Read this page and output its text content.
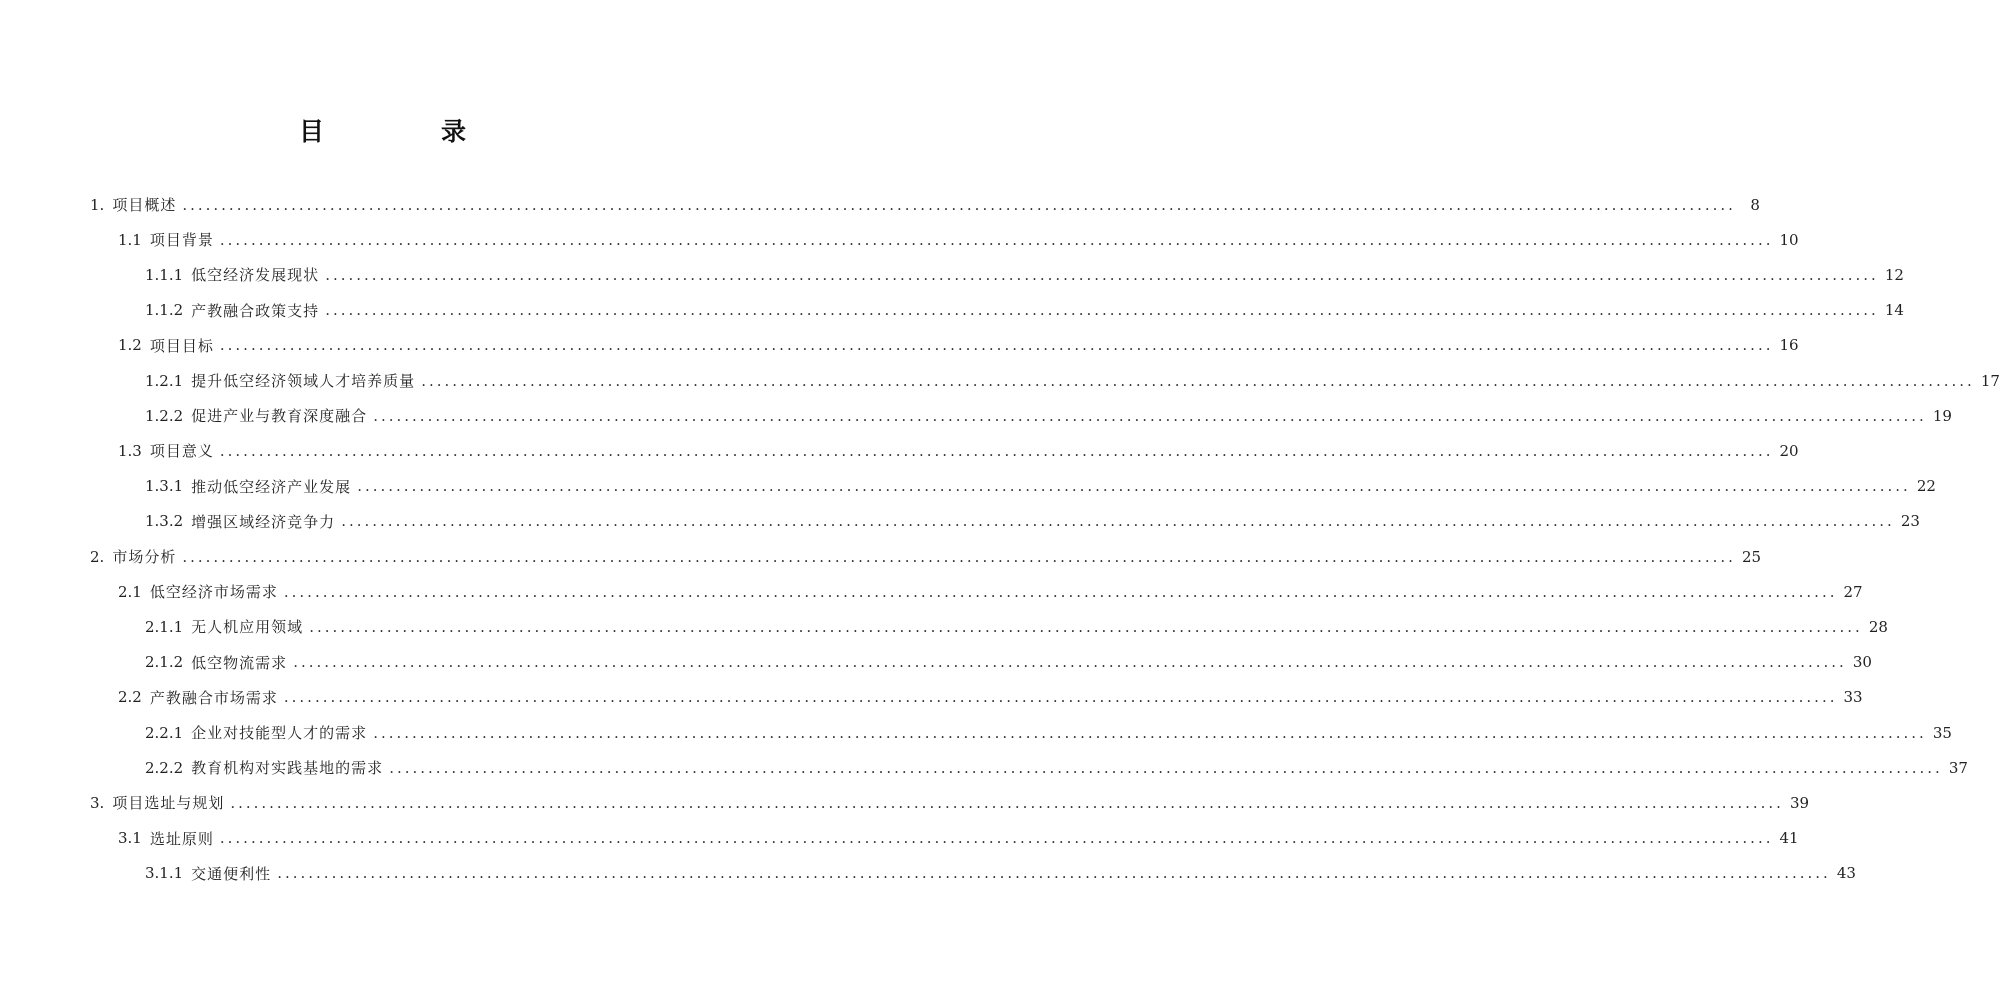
目　录
1. 项目概述 ........................................................................................................................................................................................................ 8
1.1 项目背景 ........................................................................................................................................................................................................ 10
1.1.1 低空经济发展现状 ........................................................................................................................................................................................................ 12
1.1.2 产教融合政策支持 ........................................................................................................................................................................................................ 14
1.2 项目目标 ........................................................................................................................................................................................................ 16
1.2.1 提升低空经济领域人才培养质量 ........................................................................................................................................................................................................ 17
1.2.2 促进产业与教育深度融合 ........................................................................................................................................................................................................ 19
1.3 项目意义 ........................................................................................................................................................................................................ 20
1.3.1 推动低空经济产业发展 ........................................................................................................................................................................................................ 22
1.3.2 增强区域经济竞争力 ........................................................................................................................................................................................................ 23
2. 市场分析 ........................................................................................................................................................................................................ 25
2.1 低空经济市场需求 ........................................................................................................................................................................................................ 27
2.1.1 无人机应用领域 ........................................................................................................................................................................................................ 28
2.1.2 低空物流需求 ........................................................................................................................................................................................................ 30
2.2 产教融合市场需求 ........................................................................................................................................................................................................ 33
2.2.1 企业对技能型人才的需求 ........................................................................................................................................................................................................ 35
2.2.2 教育机构对实践基地的需求 ........................................................................................................................................................................................................ 37
3. 项目选址与规划 ........................................................................................................................................................................................................ 39
3.1 选址原则 ........................................................................................................................................................................................................ 41
3.1.1 交通便利性 ........................................................................................................................................................................................................ 43
